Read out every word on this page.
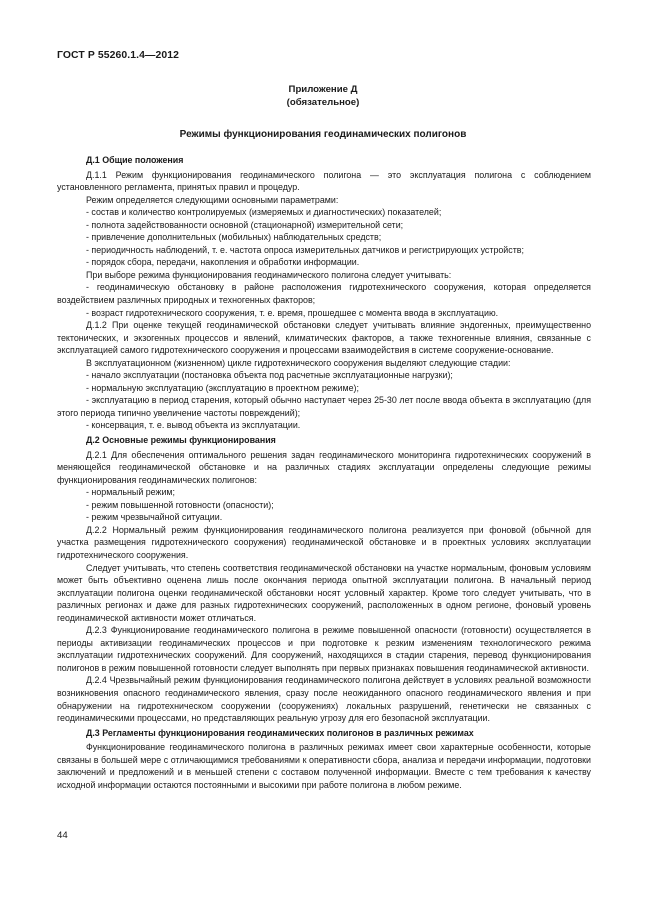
ГОСТ Р 55260.1.4—2012
Приложение Д
(обязательное)
Режимы функционирования геодинамических полигонов
Д.1 Общие положения

Д.1.1 Режим функционирования геодинамического полигона — это эксплуатация полигона с соблюдением установленного регламента, принятых правил и процедур.

Режим определяется следующими основными параметрами:

- состав и количество контролируемых (измеряемых и диагностических) показателей;

- полнота задействованности основной (стационарной) измерительной сети;

- привлечение дополнительных (мобильных) наблюдательных средств;

- периодичность наблюдений, т. е. частота опроса измерительных датчиков и регистрирующих устройств;

- порядок сбора, передачи, накопления и обработки информации.

При выборе режима функционирования геодинамического полигона следует учитывать:

- геодинамическую обстановку в районе расположения гидротехнического сооружения, которая определяется воздействием различных природных и техногенных факторов;

- возраст гидротехнического сооружения, т. е. время, прошедшее с момента ввода в эксплуатацию.

Д.1.2 При оценке текущей геодинамической обстановки следует учитывать влияние эндогенных, преимущественно тектонических, и экзогенных процессов и явлений, климатических факторов, а также техногенные влияния, связанные с эксплуатацией самого гидротехнического сооружения и процессами взаимодействия в системе сооружение-основание.

В эксплуатационном (жизненном) цикле гидротехнического сооружения выделяют следующие стадии:

- начало эксплуатации (постановка объекта под расчетные эксплуатационные нагрузки);

- нормальную эксплуатацию (эксплуатацию в проектном режиме);

- эксплуатацию в период старения, который обычно наступает через 25-30 лет после ввода объекта в эксплуатацию (для этого периода типично увеличение частоты повреждений);

- консервация, т. е. вывод объекта из эксплуатации.

Д.2 Основные режимы функционирования

Д.2.1 Для обеспечения оптимального решения задач геодинамического мониторинга гидротехнических сооружений в меняющейся геодинамической обстановке и на различных стадиях эксплуатации определены следующие режимы функционирования геодинамических полигонов:

- нормальный режим;

- режим повышенной готовности (опасности);

- режим чрезвычайной ситуации.

Д.2.2 Нормальный режим функционирования геодинамического полигона реализуется при фоновой (обычной для участка размещения гидротехнического сооружения) геодинамической обстановке и в проектных условиях эксплуатации гидротехнического сооружения.

Следует учитывать, что степень соответствия геодинамической обстановки на участке нормальным, фоновым условиям может быть объективно оценена лишь после окончания периода опытной эксплуатации полигона. В начальный период эксплуатации полигона оценки геодинамической обстановки носят условный характер. Кроме того следует учитывать, что в различных регионах и даже для разных гидротехнических сооружений, расположенных в одном регионе, фоновый уровень геодинамической активности может отличаться.

Д.2.3 Функционирование геодинамического полигона в режиме повышенной опасности (готовности) осуществляется в периоды активизации геодинамических процессов и при подготовке к резким изменениям технологического режима эксплуатации гидротехнических сооружений. Для сооружений, находящихся в стадии старения, перевод функционирования полигонов в режим повышенной готовности следует выполнять при первых признаках повышения геодинамической активности.

Д.2.4 Чрезвычайный режим функционирования геодинамического полигона действует в условиях реальной возможности возникновения опасного геодинамического явления, сразу после неожиданного опасного геодинамического явления и при обнаружении на гидротехническом сооружении (сооружениях) локальных разрушений, генетически не связанных с геодинамическими процессами, но представляющих реальную угрозу для его безопасной эксплуатации.

Д.3 Регламенты функционирования геодинамических полигонов в различных режимах

Функционирование геодинамического полигона в различных режимах имеет свои характерные особенности, которые связаны в большей мере с отличающимися требованиями к оперативности сбора, анализа и передачи информации, подготовки заключений и предложений и в меньшей степени с составом полученной информации. Вместе с тем требования к качеству исходной информации остаются постоянными и высокими при работе полигона в любом режиме.

44
